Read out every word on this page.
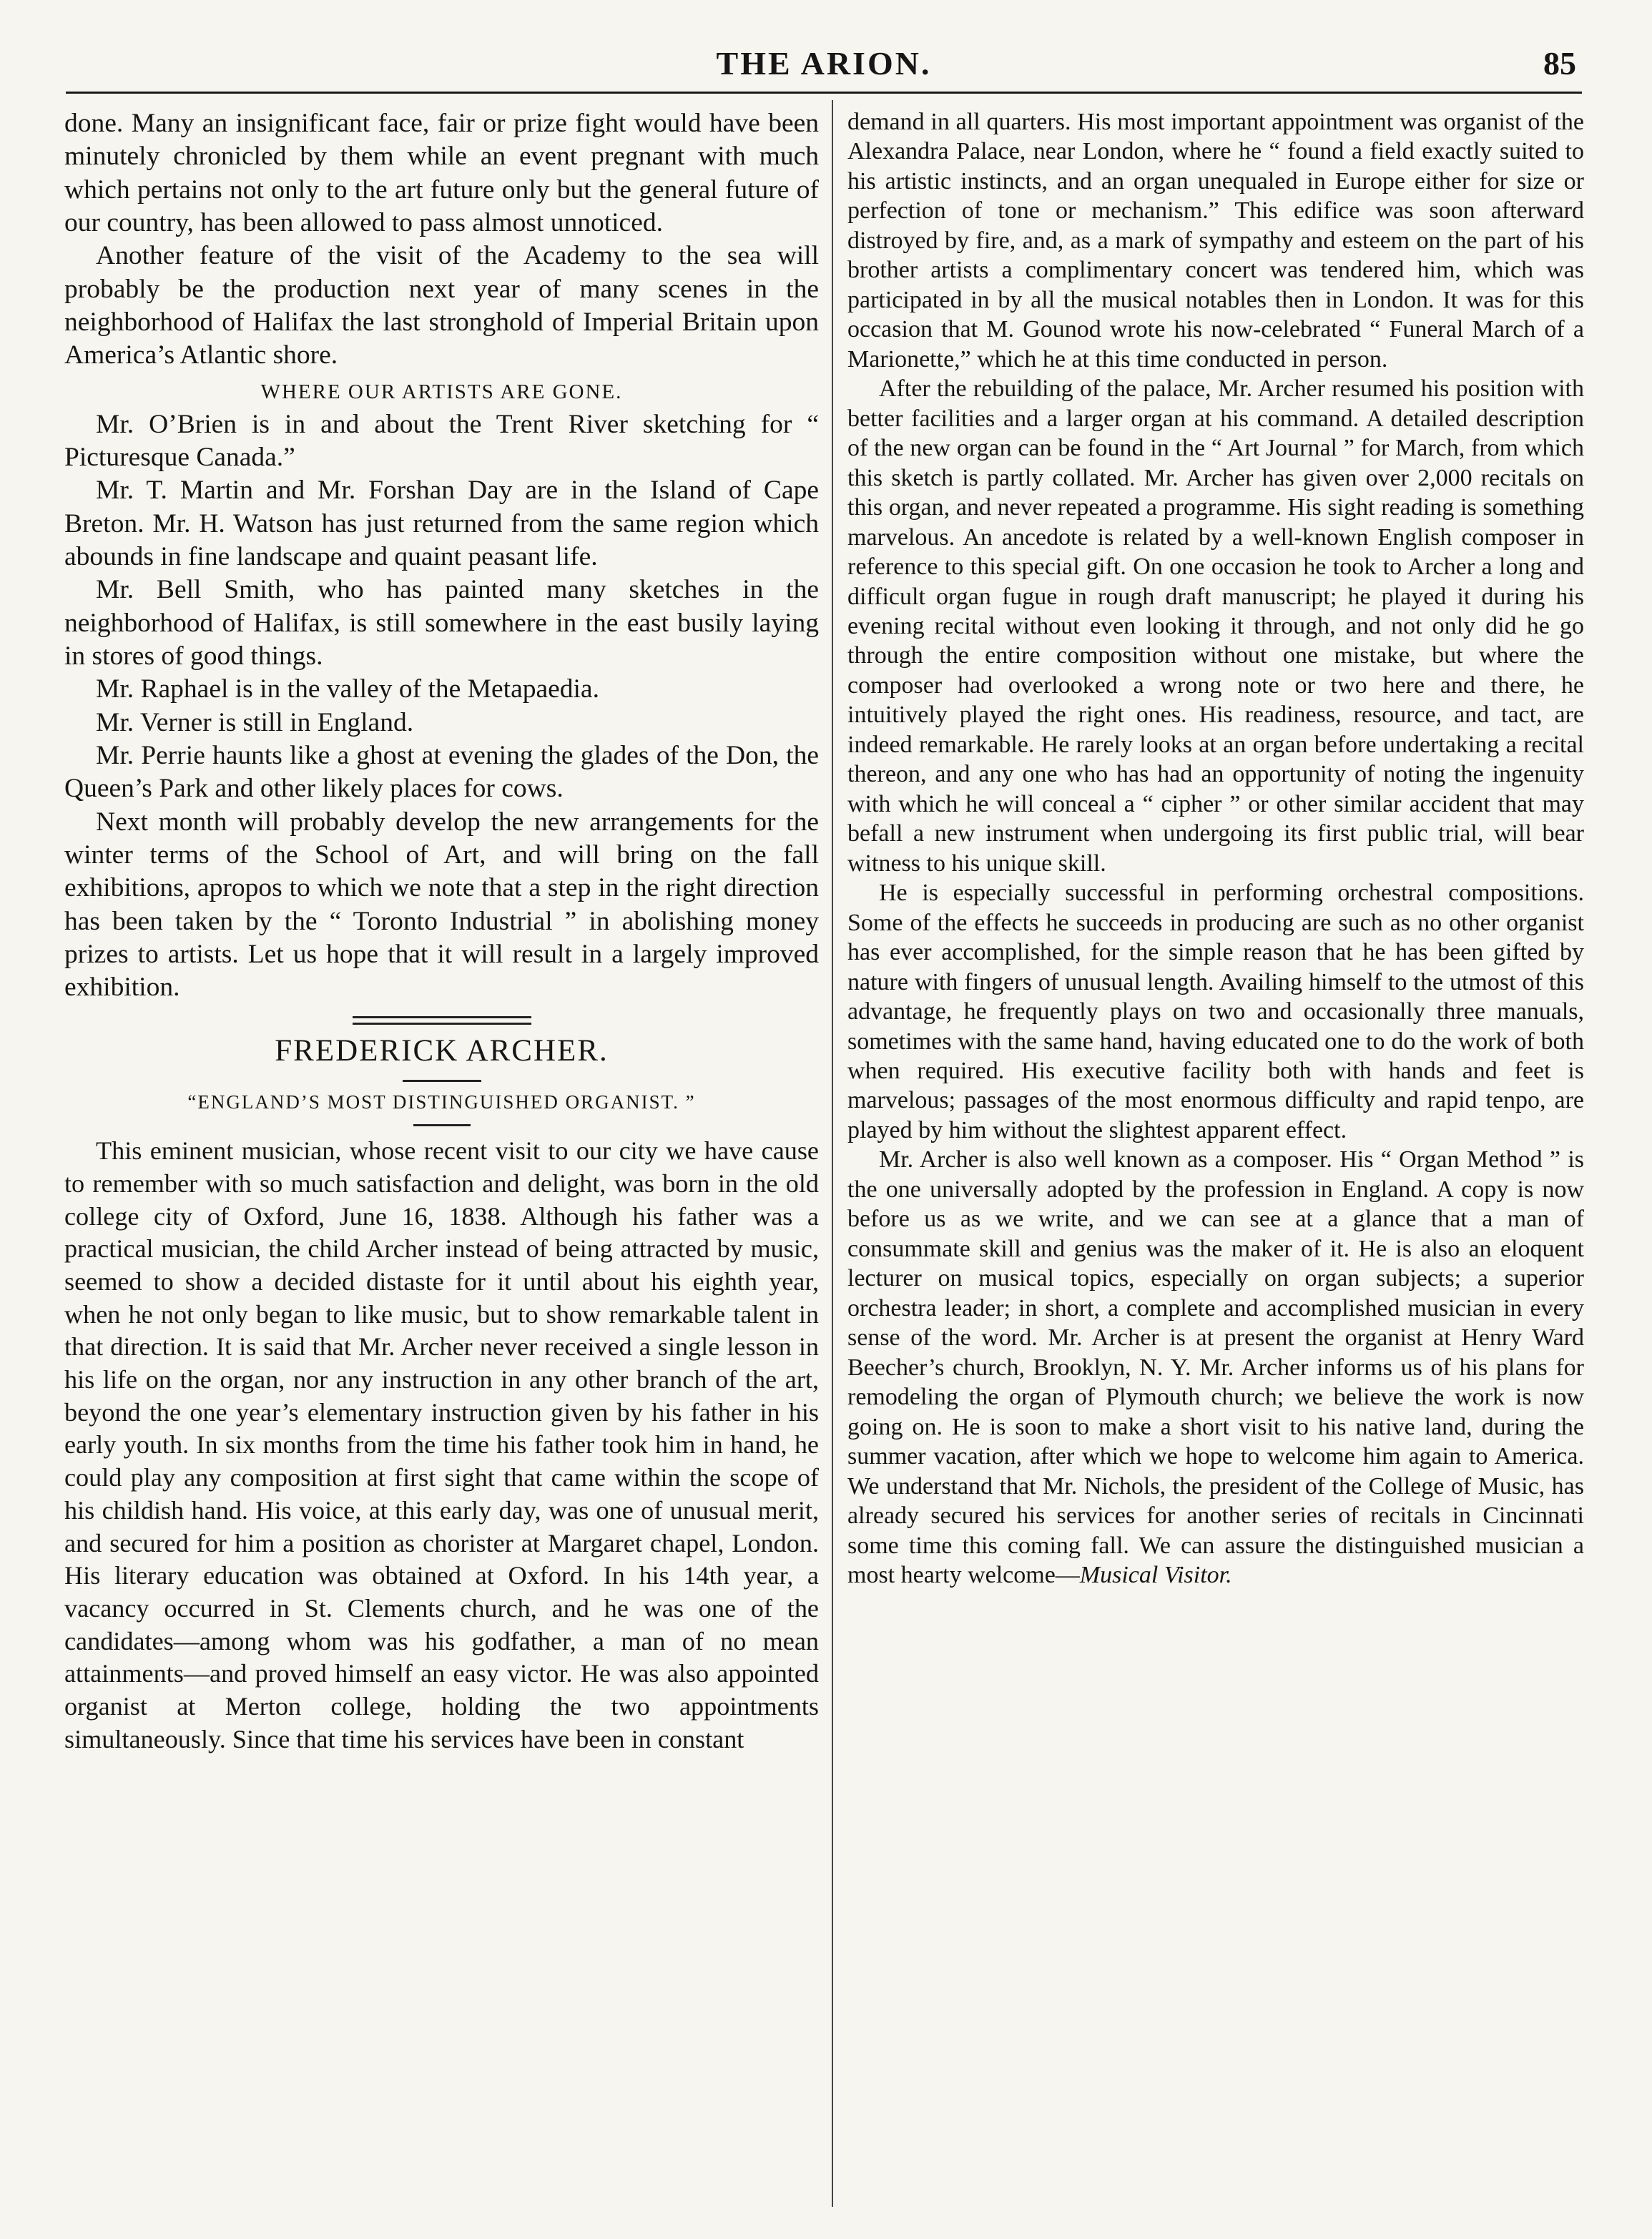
THE ARION.	85

done. Many an insignificant face, fair or prize fight would have been minutely chronicled by them while an event pregnant with much which pertains not only to the art future only but the general future of our country, has been allowed to pass almost unnoticed.

Another feature of the visit of the Academy to the sea will probably be the production next year of many scenes in the neighborhood of Halifax the last stronghold of Imperial Britain upon America’s Atlantic shore.

WHERE OUR ARTISTS ARE GONE.

Mr. O’Brien is in and about the Trent River sketching for “ Picturesque Canada.”

Mr. T. Martin and Mr. Forshan Day are in the Island of Cape Breton. Mr. H. Watson has just returned from the same region which abounds in fine landscape and quaint peasant life.

Mr. Bell Smith, who has painted many sketches in the neighborhood of Halifax, is still somewhere in the east busily laying in stores of good things.

Mr. Raphael is in the valley of the Metapaedia.

Mr. Verner is still in England.

Mr. Perrie haunts like a ghost at evening the glades of the Don, the Queen’s Park and other likely places for cows.

Next month will probably develop the new arrangements for the winter terms of the School of Art, and will bring on the fall exhibitions, apropos to which we note that a step in the right direction has been taken by the “ Toronto Industrial ” in abolishing money prizes to artists. Let us hope that it will result in a largely improved exhibition.

FREDERICK ARCHER.

“ENGLAND’S MOST DISTINGUISHED ORGANIST. ”

This eminent musician, whose recent visit to our city we have cause to remember with so much satisfaction and delight, was born in the old college city of Oxford, June 16, 1838. Although his father was a practical musician, the child Archer instead of being attracted by music, seemed to show a decided distaste for it until about his eighth year, when he not only began to like music, but to show remarkable talent in that direction. It is said that Mr. Archer never received a single lesson in his life on the organ, nor any instruction in any other branch of the art, beyond the one year’s elementary instruction given by his father in his early youth. In six months from the time his father took him in hand, he could play any composition at first sight that came within the scope of his childish hand. His voice, at this early day, was one of unusual merit, and secured for him a position as chorister at Margaret chapel, London. His literary education was obtained at Oxford. In his 14th year, a vacancy occurred in St. Clements church, and he was one of the candidates—among whom was his godfather, a man of no mean attainments—and proved himself an easy victor. He was also appointed organist at Merton college, holding the two appointments simultaneously. Since that time his services have been in constant

demand in all quarters. His most important appointment was organist of the Alexandra Palace, near London, where he “ found a field exactly suited to his artistic instincts, and an organ unequaled in Europe either for size or perfection of tone or mechanism.” This edifice was soon afterward distroyed by fire, and, as a mark of sympathy and esteem on the part of his brother artists a complimentary concert was tendered him, which was participated in by all the musical notables then in London. It was for this occasion that M. Gounod wrote his now-celebrated “ Funeral March of a Marionette,” which he at this time conducted in person.

After the rebuilding of the palace, Mr. Archer resumed his position with better facilities and a larger organ at his command. A detailed description of the new organ can be found in the “ Art Journal ” for March, from which this sketch is partly collated. Mr. Archer has given over 2,000 recitals on this organ, and never repeated a programme. His sight reading is something marvelous. An ancedote is related by a well-known English composer in reference to this special gift. On one occasion he took to Archer a long and difficult organ fugue in rough draft manuscript; he played it during his evening recital without even looking it through, and not only did he go through the entire composition without one mistake, but where the composer had overlooked a wrong note or two here and there, he intuitively played the right ones. His readiness, resource, and tact, are indeed remarkable. He rarely looks at an organ before undertaking a recital thereon, and any one who has had an opportunity of noting the ingenuity with which he will conceal a “ cipher ” or other similar accident that may befall a new instrument when undergoing its first public trial, will bear witness to his unique skill.

He is especially successful in performing orchestral compositions. Some of the effects he succeeds in producing are such as no other organist has ever accomplished, for the simple reason that he has been gifted by nature with fingers of unusual length. Availing himself to the utmost of this advantage, he frequently plays on two and occasionally three manuals, sometimes with the same hand, having educated one to do the work of both when required. His executive facility both with hands and feet is marvelous; passages of the most enormous difficulty and rapid tenpo, are played by him without the slightest apparent effect.

Mr. Archer is also well known as a composer. His “ Organ Method ” is the one universally adopted by the profession in England. A copy is now before us as we write, and we can see at a glance that a man of consummate skill and genius was the maker of it. He is also an eloquent lecturer on musical topics, especially on organ subjects; a superior orchestra leader; in short, a complete and accomplished musician in every sense of the word. Mr. Archer is at present the organist at Henry Ward Beecher’s church, Brooklyn, N. Y. Mr. Archer informs us of his plans for remodeling the organ of Plymouth church; we believe the work is now going on. He is soon to make a short visit to his native land, during the summer vacation, after which we hope to welcome him again to America. We understand that Mr. Nichols, the president of the College of Music, has already secured his services for another series of recitals in Cincinnati some time this coming fall. We can assure the distinguished musician a most hearty welcome—Musical Visitor.
